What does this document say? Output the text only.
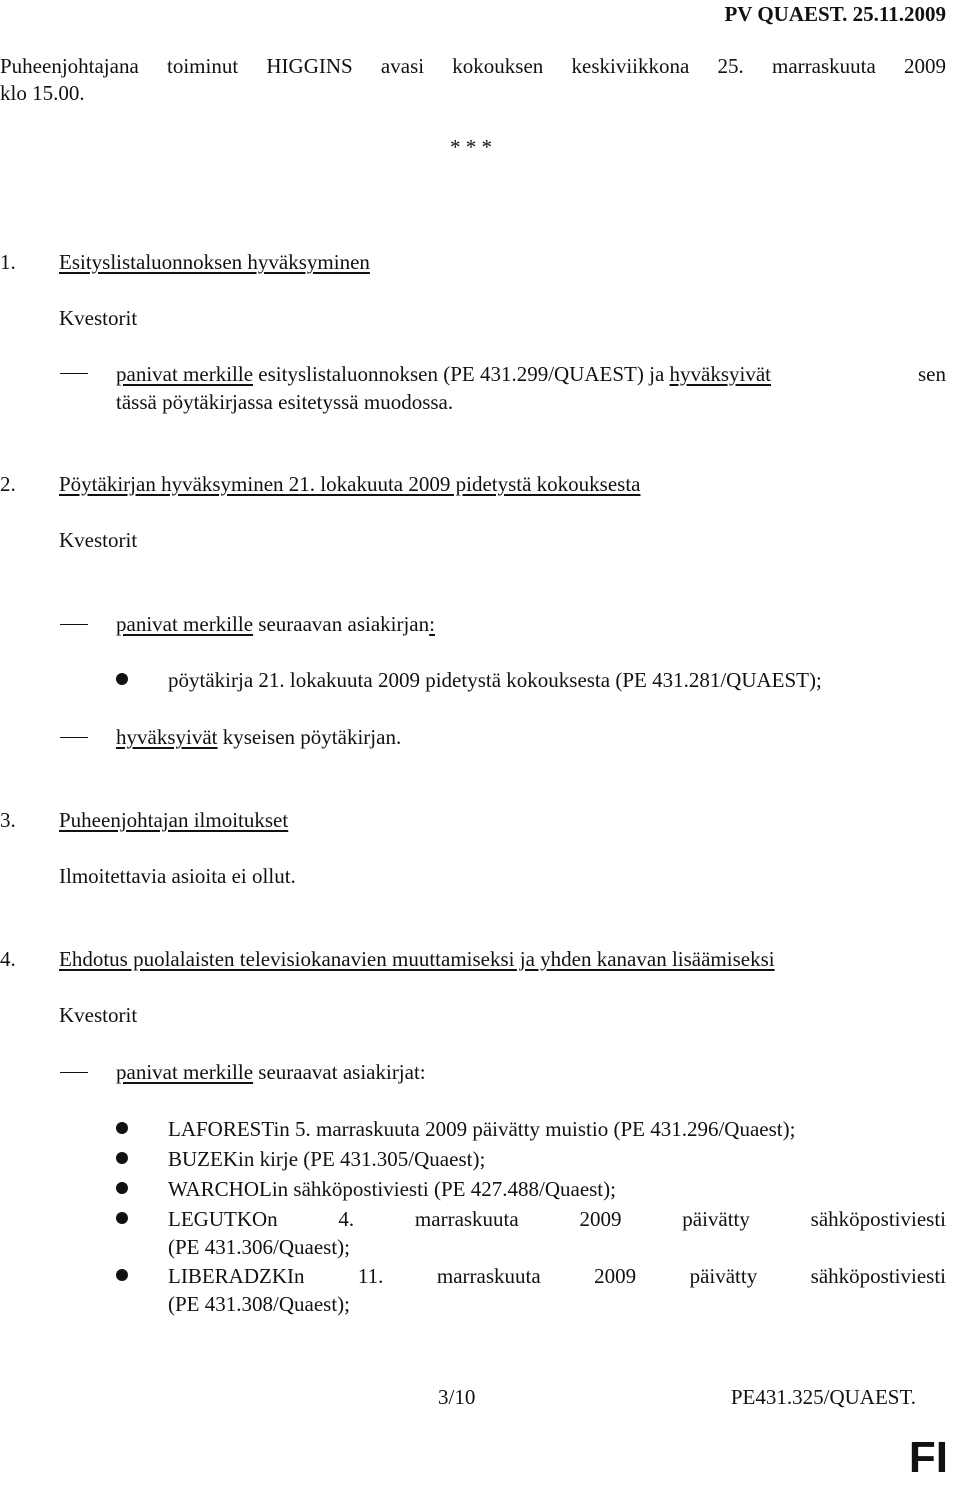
PV QUAEST. 25.11.2009
Puheenjohtajana toiminut HIGGINS avasi kokouksen keskiviikkona 25. marraskuuta 2009
klo 15.00.
* * *
1. Esityslistaluonnoksen hyväksyminen
Kvestorit
panivat merkille esityslistaluonnoksen (PE 431.299/QUAEST) ja hyväksyivät	sen
tässä pöytäkirjassa esitetyssä muodossa.
2. Pöytäkirjan hyväksyminen 21. lokakuuta 2009 pidetystä kokouksesta
Kvestorit
panivat merkille seuraavan asiakirjan:
pöytäkirja 21. lokakuuta 2009 pidetystä kokouksesta (PE 431.281/QUAEST);
hyväksyivät kyseisen pöytäkirjan.
3. Puheenjohtajan ilmoitukset
Ilmoitettavia asioita ei ollut.
4. Ehdotus puolalaisten televisiokanavien muuttamiseksi ja yhden kanavan lisäämiseksi
Kvestorit
panivat merkille seuraavat asiakirjat:
LAFORESTin 5. marraskuuta 2009 päivätty muistio (PE 431.296/Quaest);
BUZEKin kirje (PE 431.305/Quaest);
WARCHOLin sähköpostiviesti (PE 427.488/Quaest);
LEGUTKOn 4. marraskuuta 2009 päivätty sähköpostiviesti
(PE 431.306/Quaest);
LIBERADZKIn 11. marraskuuta 2009 päivätty sähköpostiviesti
(PE 431.308/Quaest);
3/10	PE431.325/QUAEST.
FI
